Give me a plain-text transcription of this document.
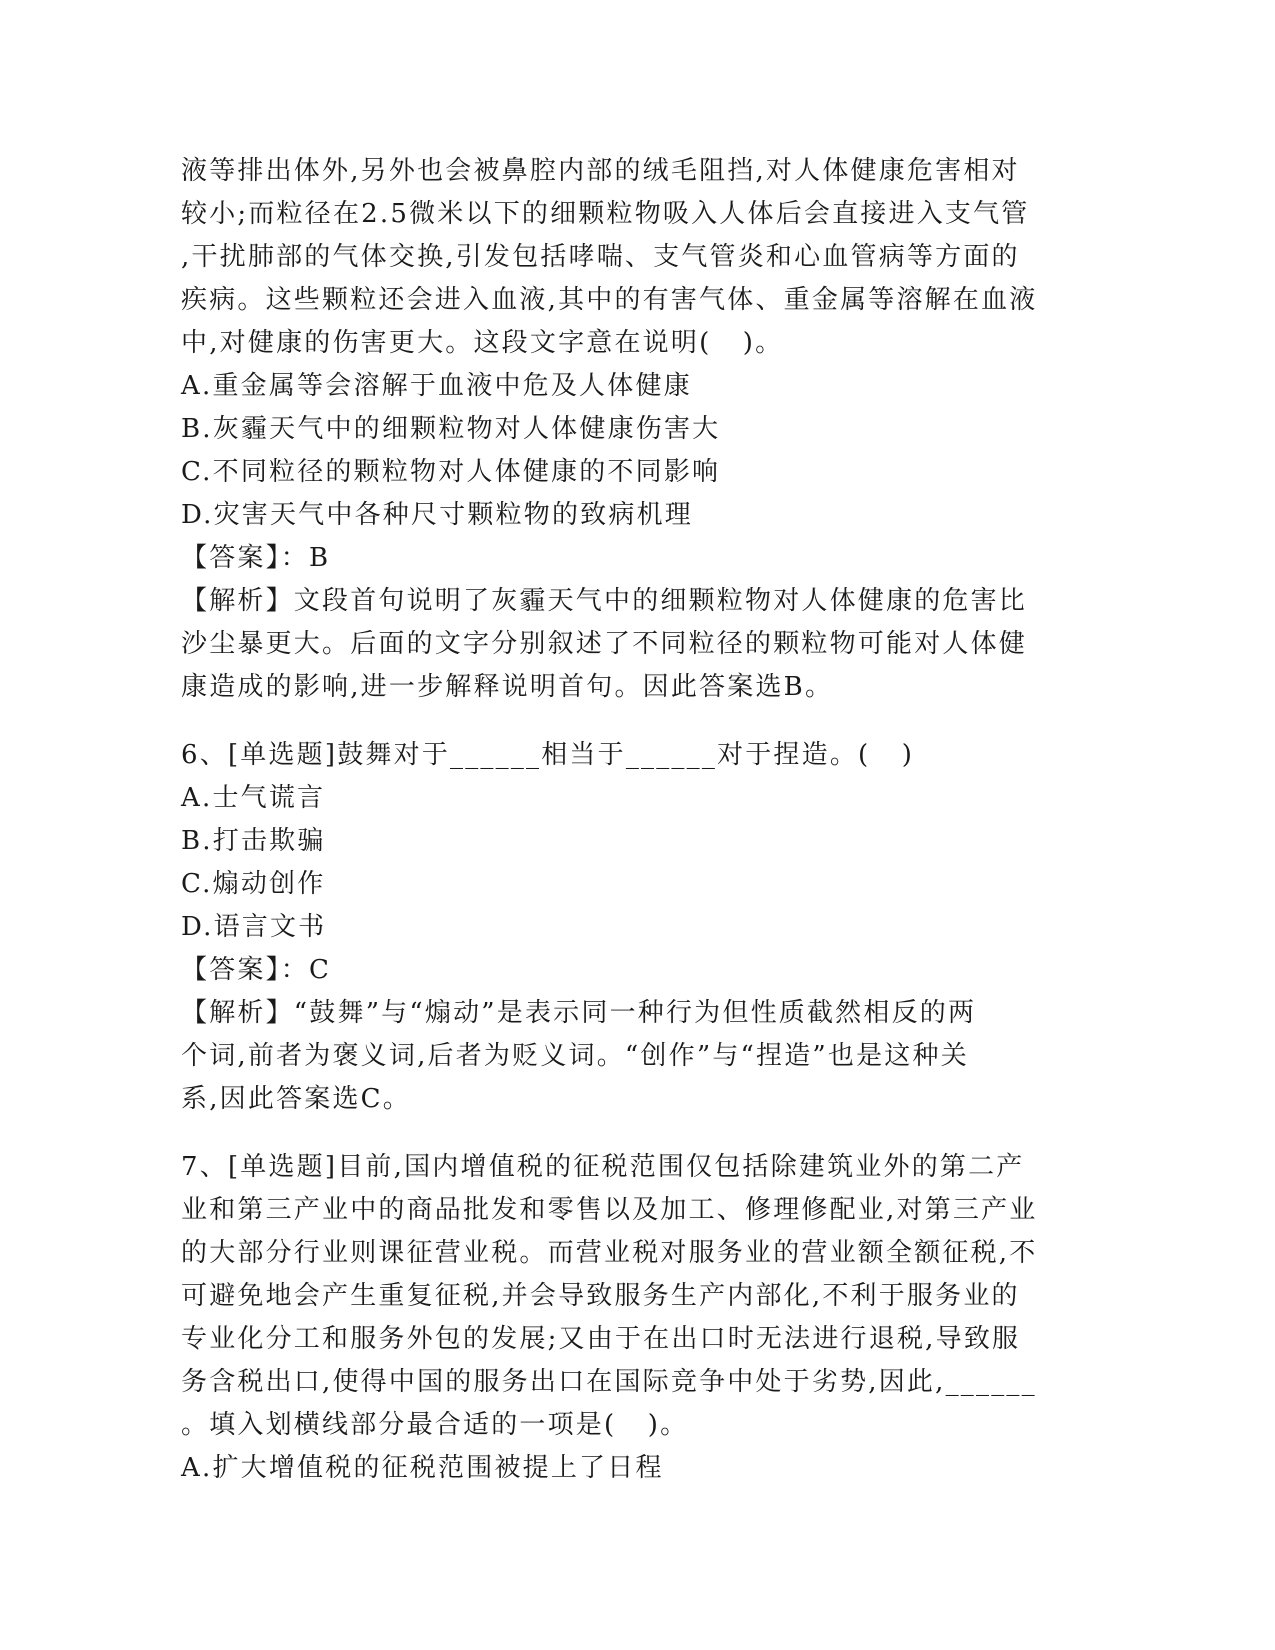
液等排出体外,另外也会被鼻腔内部的绒毛阻挡,对人体健康危害相对
较小;而粒径在2.5微米以下的细颗粒物吸入人体后会直接进入支气管
,干扰肺部的气体交换,引发包括哮喘、支气管炎和心血管病等方面的
疾病。这些颗粒还会进入血液,其中的有害气体、重金属等溶解在血液
中,对健康的伤害更大。这段文字意在说明(   )。
A.重金属等会溶解于血液中危及人体健康
B.灰霾天气中的细颗粒物对人体健康伤害大
C.不同粒径的颗粒物对人体健康的不同影响
D.灾害天气中各种尺寸颗粒物的致病机理
【答案】：B
【解析】文段首句说明了灰霾天气中的细颗粒物对人体健康的危害比
沙尘暴更大。后面的文字分别叙述了不同粒径的颗粒物可能对人体健
康造成的影响,进一步解释说明首句。因此答案选B。
6、[单选题]鼓舞对于______相当于______对于捏造。(   )
A.士气谎言
B.打击欺骗
C.煽动创作
D.语言文书
【答案】：C
【解析】“鼓舞”与“煽动”是表示同一种行为但性质截然相反的两
个词,前者为褒义词,后者为贬义词。“创作”与“捏造”也是这种关
系,因此答案选C。
7、[单选题]目前,国内增值税的征税范围仅包括除建筑业外的第二产
业和第三产业中的商品批发和零售以及加工、修理修配业,对第三产业
的大部分行业则课征营业税。而营业税对服务业的营业额全额征税,不
可避免地会产生重复征税,并会导致服务生产内部化,不利于服务业的
专业化分工和服务外包的发展;又由于在出口时无法进行退税,导致服
务含税出口,使得中国的服务出口在国际竞争中处于劣势,因此,______
。填入划横线部分最合适的一项是(   )。
A.扩大增值税的征税范围被提上了日程
